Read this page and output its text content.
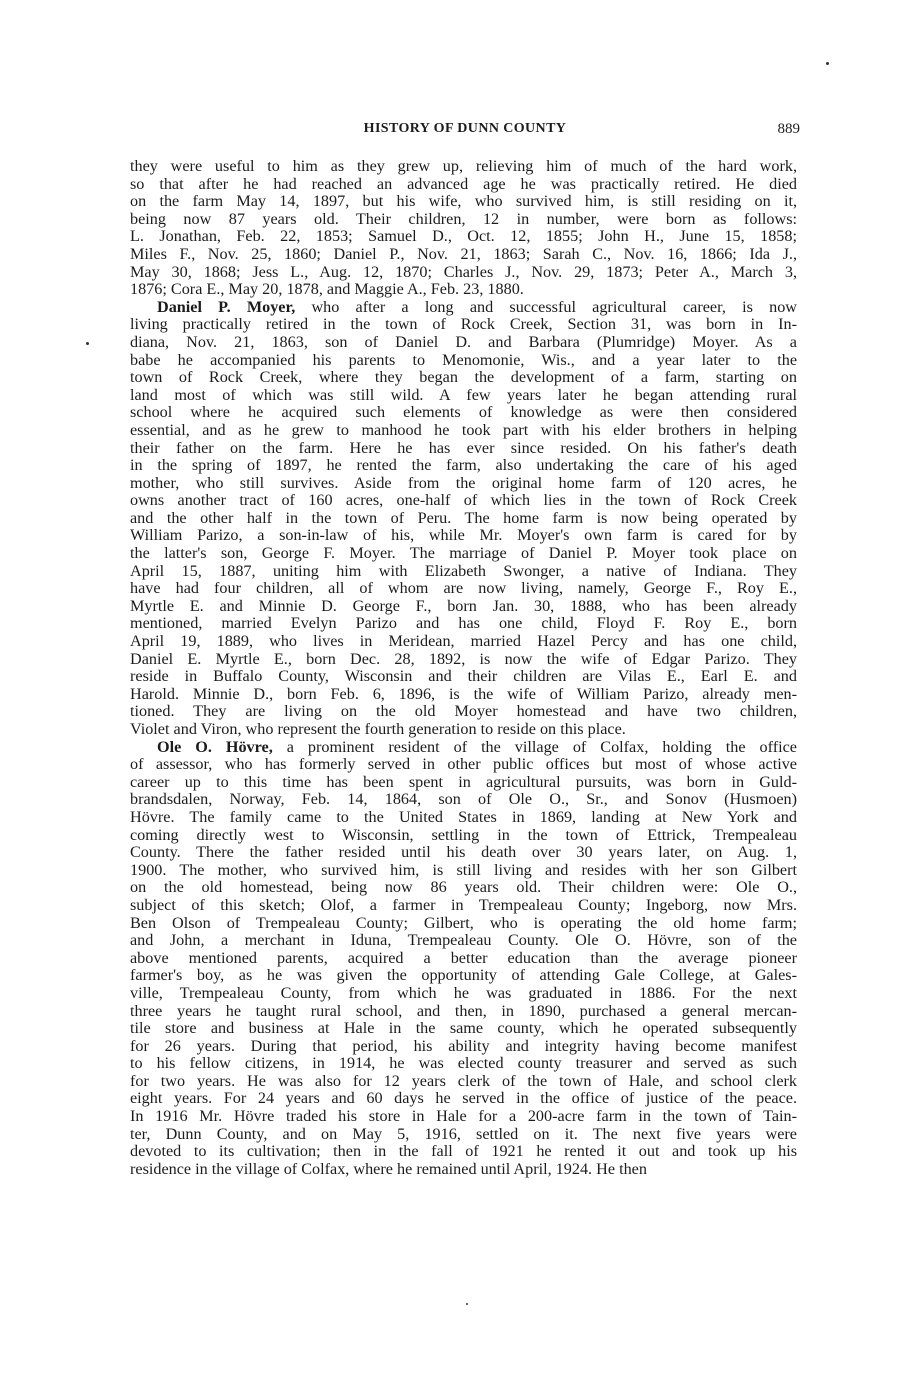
HISTORY OF DUNN COUNTY	889
they were useful to him as they grew up, relieving him of much of the hard work,
so that after he had reached an advanced age he was practically retired. He died
on the farm May 14, 1897, but his wife, who survived him, is still residing on it,
being now 87 years old. Their children, 12 in number, were born as follows:
L. Jonathan, Feb. 22, 1853; Samuel D., Oct. 12, 1855; John H., June 15, 1858;
Miles F., Nov. 25, 1860; Daniel P., Nov. 21, 1863; Sarah C., Nov. 16, 1866; Ida J.,
May 30, 1868; Jess L., Aug. 12, 1870; Charles J., Nov. 29, 1873; Peter A., March 3,
1876; Cora E., May 20, 1878, and Maggie A., Feb. 23, 1880.
Daniel P. Moyer, who after a long and successful agricultural career, is now
living practically retired in the town of Rock Creek, Section 31, was born in In-
diana, Nov. 21, 1863, son of Daniel D. and Barbara (Plumridge) Moyer. As a
babe he accompanied his parents to Menomonie, Wis., and a year later to the
town of Rock Creek, where they began the development of a farm, starting on
land most of which was still wild. A few years later he began attending rural
school where he acquired such elements of knowledge as were then considered
essential, and as he grew to manhood he took part with his elder brothers in helping
their father on the farm. Here he has ever since resided. On his father's death
in the spring of 1897, he rented the farm, also undertaking the care of his aged
mother, who still survives. Aside from the original home farm of 120 acres, he
owns another tract of 160 acres, one-half of which lies in the town of Rock Creek
and the other half in the town of Peru. The home farm is now being operated by
William Parizo, a son-in-law of his, while Mr. Moyer's own farm is cared for by
the latter's son, George F. Moyer. The marriage of Daniel P. Moyer took place on
April 15, 1887, uniting him with Elizabeth Swonger, a native of Indiana. They
have had four children, all of whom are now living, namely, George F., Roy E.,
Myrtle E. and Minnie D. George F., born Jan. 30, 1888, who has been already
mentioned, married Evelyn Parizo and has one child, Floyd F. Roy E., born
April 19, 1889, who lives in Meridean, married Hazel Percy and has one child,
Daniel E. Myrtle E., born Dec. 28, 1892, is now the wife of Edgar Parizo. They
reside in Buffalo County, Wisconsin and their children are Vilas E., Earl E. and
Harold. Minnie D., born Feb. 6, 1896, is the wife of William Parizo, already men-
tioned. They are living on the old Moyer homestead and have two children,
Violet and Viron, who represent the fourth generation to reside on this place.
Ole O. Hövre, a prominent resident of the village of Colfax, holding the office
of assessor, who has formerly served in other public offices but most of whose active
career up to this time has been spent in agricultural pursuits, was born in Guld-
brandsdalen, Norway, Feb. 14, 1864, son of Ole O., Sr., and Sonov (Husmoen)
Hövre. The family came to the United States in 1869, landing at New York and
coming directly west to Wisconsin, settling in the town of Ettrick, Trempealeau
County. There the father resided until his death over 30 years later, on Aug. 1,
1900. The mother, who survived him, is still living and resides with her son Gilbert
on the old homestead, being now 86 years old. Their children were: Ole O.,
subject of this sketch; Olof, a farmer in Trempealeau County; Ingeborg, now Mrs.
Ben Olson of Trempealeau County; Gilbert, who is operating the old home farm;
and John, a merchant in Iduna, Trempealeau County. Ole O. Hövre, son of the
above mentioned parents, acquired a better education than the average pioneer
farmer's boy, as he was given the opportunity of attending Gale College, at Gales-
ville, Trempealeau County, from which he was graduated in 1886. For the next
three years he taught rural school, and then, in 1890, purchased a general mercan-
tile store and business at Hale in the same county, which he operated subsequently
for 26 years. During that period, his ability and integrity having become manifest
to his fellow citizens, in 1914, he was elected county treasurer and served as such
for two years. He was also for 12 years clerk of the town of Hale, and school clerk
eight years. For 24 years and 60 days he served in the office of justice of the peace.
In 1916 Mr. Hövre traded his store in Hale for a 200-acre farm in the town of Tain-
ter, Dunn County, and on May 5, 1916, settled on it. The next five years were
devoted to its cultivation; then in the fall of 1921 he rented it out and took up his
residence in the village of Colfax, where he remained until April, 1924. He then
